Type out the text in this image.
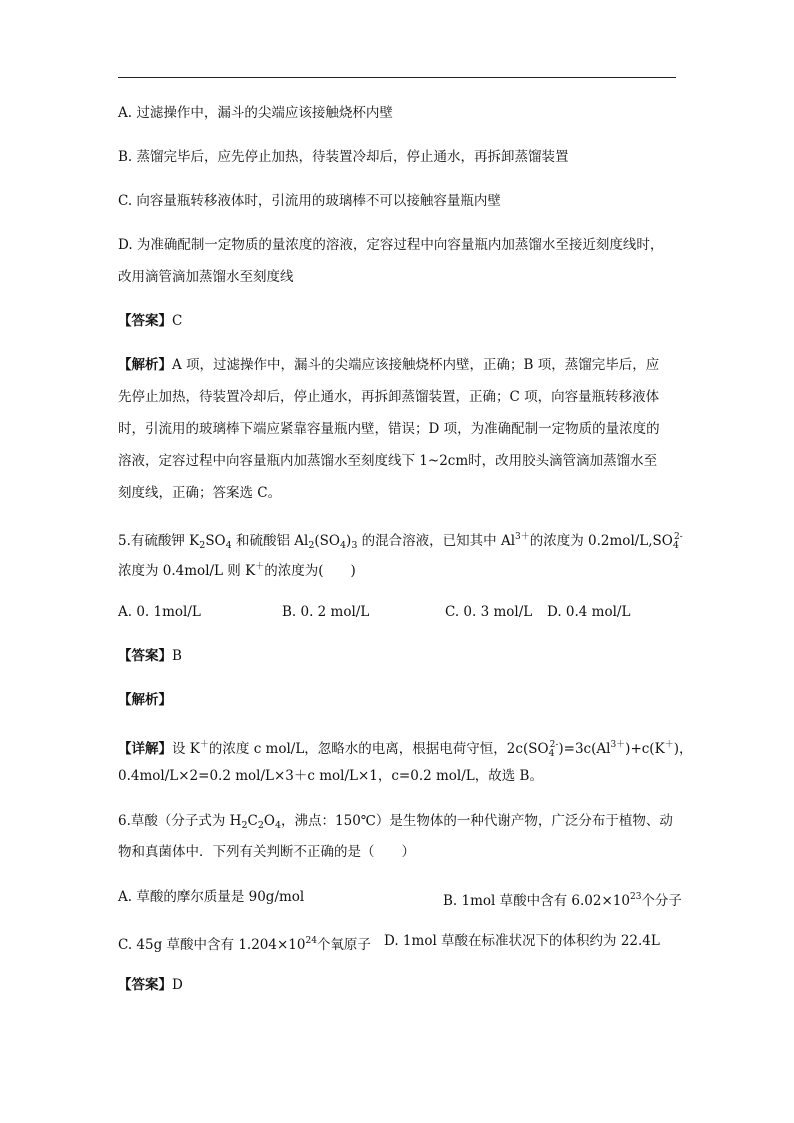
A. 过滤操作中，漏斗的尖端应该接触烧杯内壁
B. 蒸馏完毕后，应先停止加热，待装置冷却后，停止通水，再拆卸蒸馏装置
C. 向容量瓶转移液体时，引流用的玻璃棒不可以接触容量瓶内壁
D. 为准确配制一定物质的量浓度的溶液，定容过程中向容量瓶内加蒸馏水至接近刻度线时，
改用滴管滴加蒸馏水至刻度线
【答案】C
【解析】A 项，过滤操作中，漏斗的尖端应该接触烧杯内壁，正确；B 项，蒸馏完毕后，应
先停止加热，待装置冷却后，停止通水，再拆卸蒸馏装置，正确；C 项，向容量瓶转移液体
时，引流用的玻璃棒下端应紧靠容量瓶内壁，错误；D 项，为准确配制一定物质的量浓度的
溶液，定容过程中向容量瓶内加蒸馏水至刻度线下 1~2cm时，改用胶头滴管滴加蒸馏水至
刻度线，正确；答案选 C。
5.有硫酸钾 $K_2SO_4$ 和硫酸铝 $Al_2(SO_4)_3$ 的混合溶液，已知其中 $Al^{3+}$的浓度为 $0.2mol/L,SO_4^{2-}$
浓度为 0.4mol/L 则 K＋的浓度为(　　)
A. 0. 1mol/L	B. 0. 2 mol/L	C. 0. 3 mol/L D. 0.4 mol/L
【答案】B
【解析】
【详解】设 K＋的浓度 c mol/L，忽略水的电离，根据电荷守恒，$2c(SO_4^{2-})=3c(Al^{3+})+c(K^+)$，
0.4mol/L×2=0.2 mol/L×3＋c mol/L×1，c=0.2 mol/L，故选 B。
6.草酸（分子式为 $H_2C_2O_4$，沸点：150℃）是生物体的一种代谢产物，广泛分布于植物、动
物和真菌体中．下列有关判断不正确的是（　　）
A. 草酸的摩尔质量是 90g/mol	B. 1mol 草酸中含有 $6.02\times 10^{23}$个分子
C. 45g 草酸中含有 $1.204\times 10^{24}$个氧原子 D. 1mol 草酸在标准状况下的体积约为 22.4L
【答案】D
